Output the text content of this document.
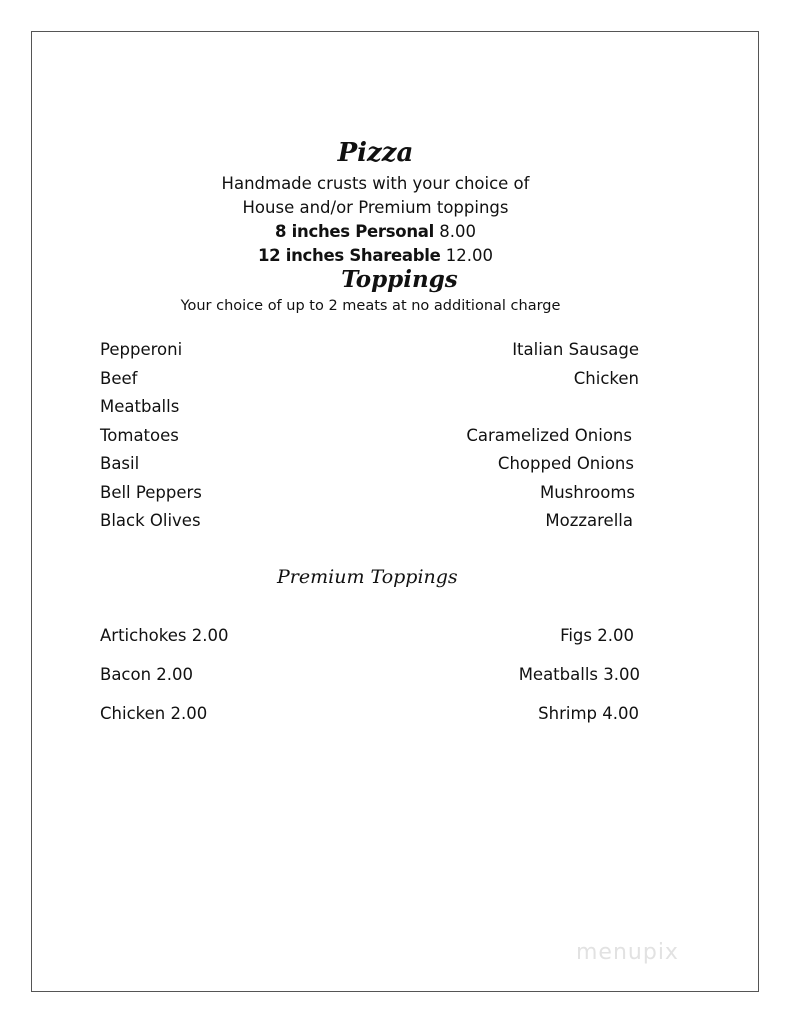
Pizza
Handmade crusts with your choice of
House and/or Premium toppings
8 inches Personal 8.00
12 inches Shareable 12.00
Toppings
Your choice of up to 2 meats at no additional charge
Pepperoni
Beef
Meatballs
Tomatoes
Basil
Bell Peppers
Black Olives
Italian Sausage
Chicken
Caramelized Onions
Chopped Onions
Mushrooms
Mozzarella
Premium Toppings
Artichokes 2.00
Bacon 2.00
Chicken 2.00
Figs 2.00
Meatballs 3.00
Shrimp 4.00
menupix
